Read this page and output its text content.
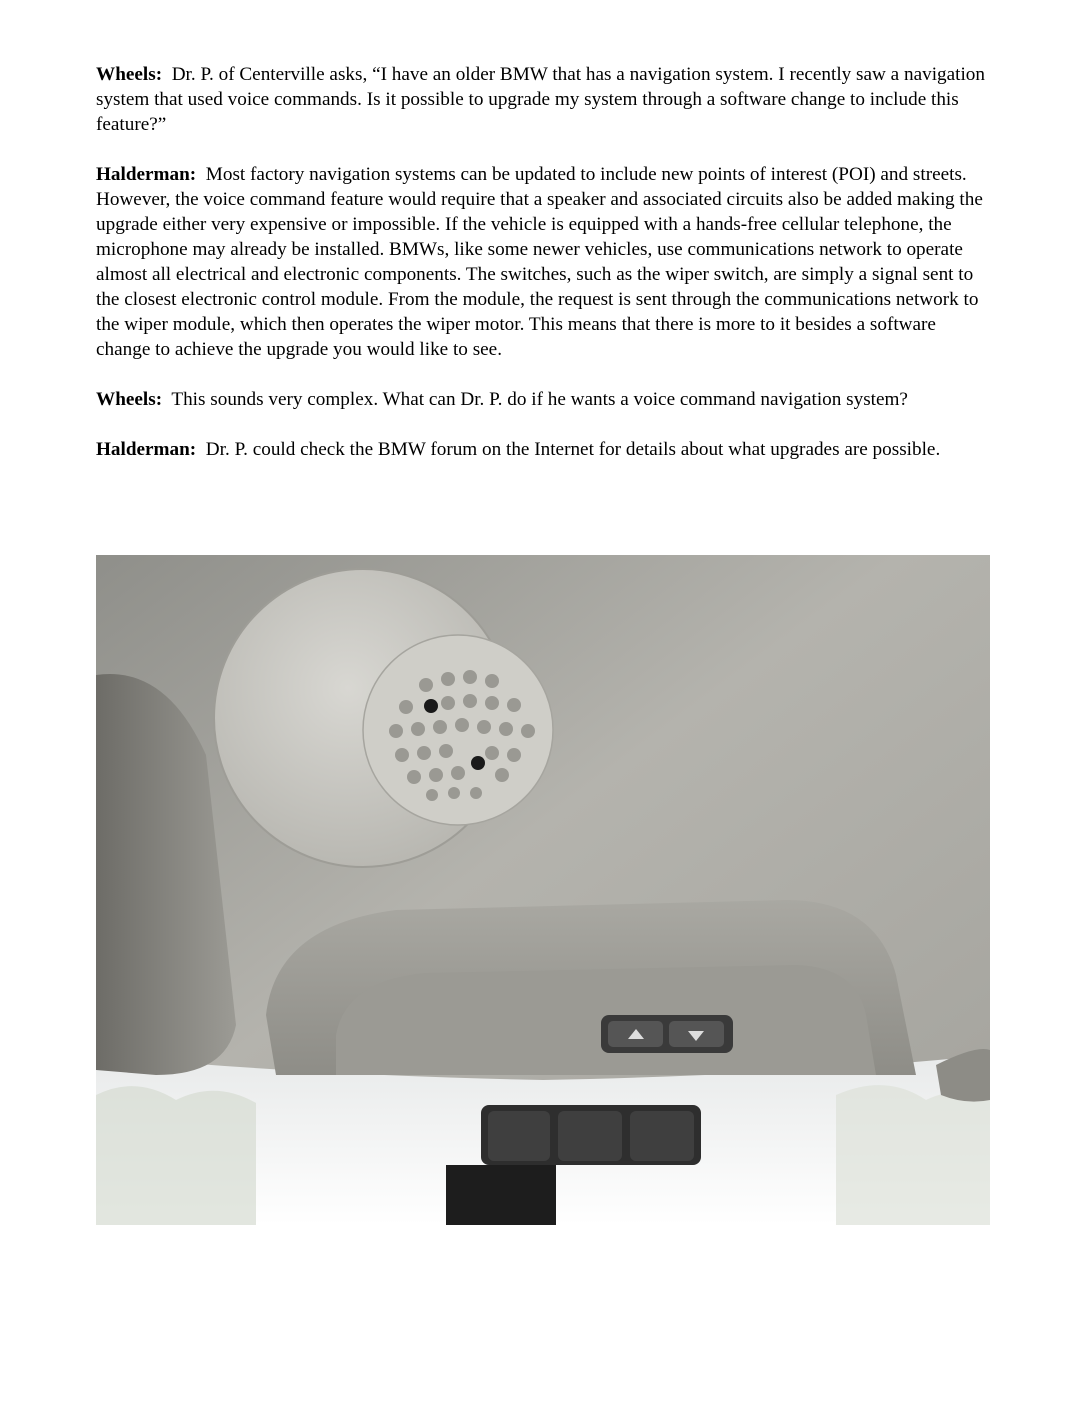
Wheels: Dr. P. of Centerville asks, “I have an older BMW that has a navigation system. I recently saw a navigation system that used voice commands. Is it possible to upgrade my system through a software change to include this feature?”

Halderman: Most factory navigation systems can be updated to include new points of interest (POI) and streets. However, the voice command feature would require that a speaker and associated circuits also be added making the upgrade either very expensive or impossible. If the vehicle is equipped with a hands-free cellular telephone, the microphone may already be installed. BMWs, like some newer vehicles, use communications network to operate almost all electrical and electronic components. The switches, such as the wiper switch, are simply a signal sent to the closest electronic control module. From the module, the request is sent through the communications network to the wiper module, which then operates the wiper motor. This means that there is more to it besides a software change to achieve the upgrade you would like to see.

Wheels: This sounds very complex. What can Dr. P. do if he wants a voice command navigation system?

Halderman: Dr. P. could check the BMW forum on the Internet for details about what upgrades are possible.
